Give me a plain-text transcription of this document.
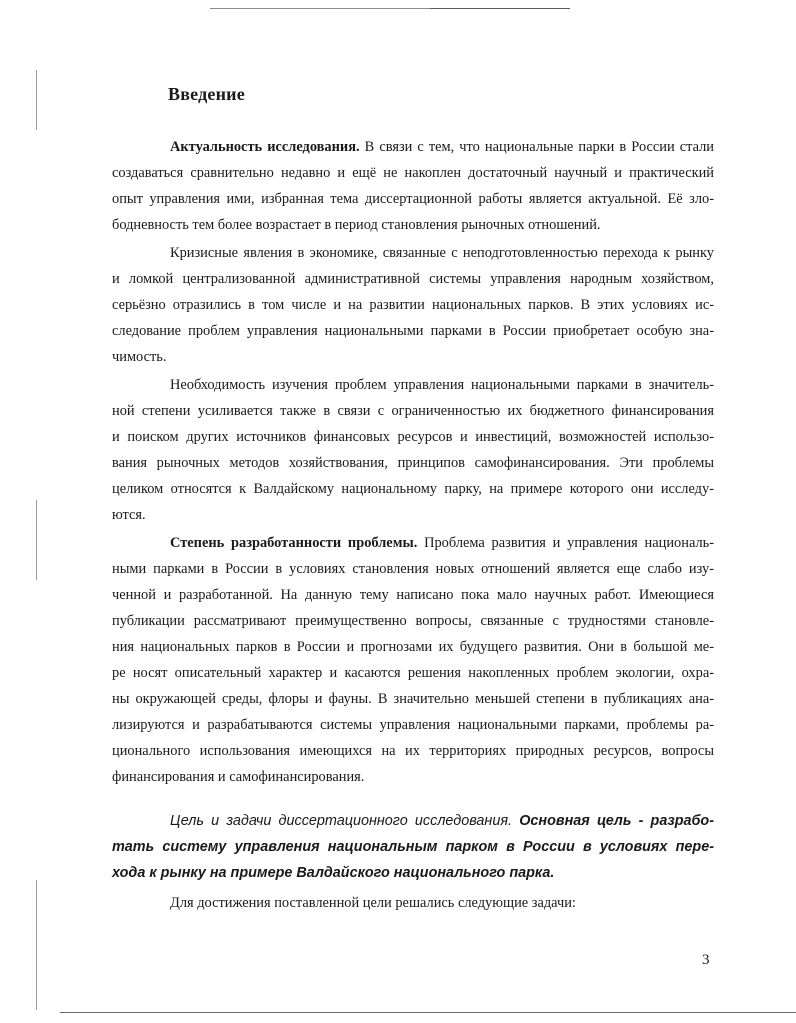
Введение
Актуальность исследования. В связи с тем, что национальные парки в России стали
создаваться сравнительно недавно и ещё не накоплен достаточный научный и практический
опыт управления ими, избранная тема диссертационной работы является актуальной. Её зло-
бодневность тем более возрастает в период становления рыночных отношений.
Кризисные явления в экономике, связанные с неподготовленностью перехода к рынку
и ломкой централизованной административной системы управления народным хозяйством,
серьёзно отразились в том числе и на развитии национальных парков. В этих условиях ис-
следование проблем управления национальными парками в России приобретает особую зна-
чимость.
Необходимость изучения проблем управления национальными парками в значитель-
ной степени усиливается также в связи с ограниченностью их бюджетного финансирования
и поиском других источников финансовых ресурсов и инвестиций, возможностей использо-
вания рыночных методов хозяйствования, принципов самофинансирования. Эти проблемы
целиком относятся к Валдайскому национальному парку, на примере которого они исследу-
ются.
Степень разработанности проблемы. Проблема развития и управления националь-
ными парками в России в условиях становления новых отношений является еще слабо изу-
ченной и разработанной. На данную тему написано пока мало научных работ. Имеющиеся
публикации рассматривают преимущественно вопросы, связанные с трудностями становле-
ния национальных парков в России и прогнозами их будущего развития. Они в большой ме-
ре носят описательный характер и касаются решения накопленных проблем экологии, охра-
ны окружающей среды, флоры и фауны. В значительно меньшей степени в публикациях ана-
лизируются и разрабатываются системы управления национальными парками, проблемы ра-
ционального использования имеющихся на их территориях природных ресурсов, вопросы
финансирования и самофинансирования.
Цель и задачи диссертационного исследования. Основная цель - разрабо-
тать систему управления национальным парком в России в условиях пере-
хода к рынку на примере Валдайского национального парка.
Для достижения поставленной цели решались следующие задачи:
3
